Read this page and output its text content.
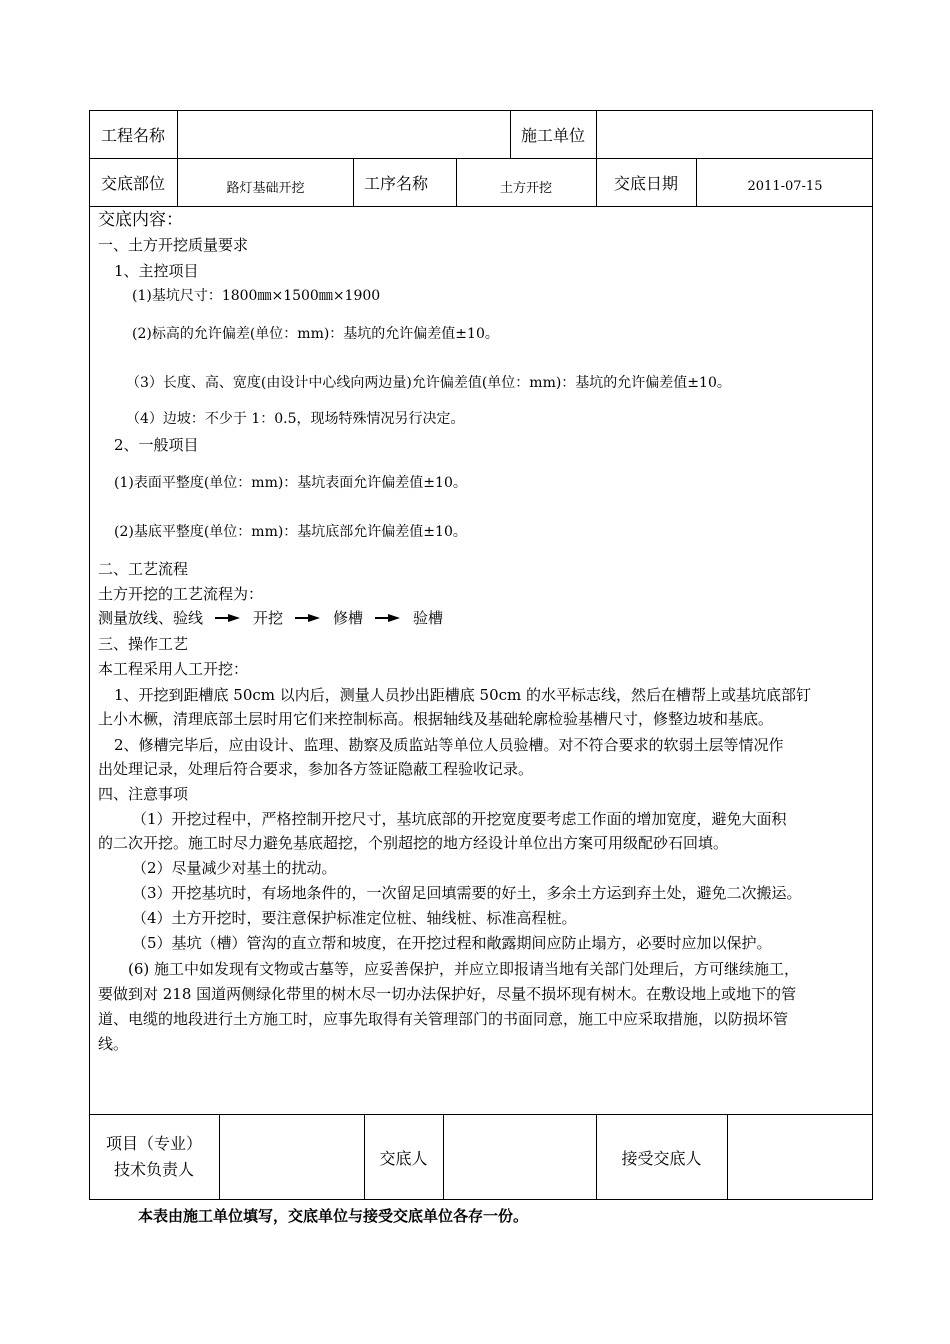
工程名称	施工单位
交底部位	路灯基础开挖	工序名称	土方开挖	交底日期	2011-07-15
交底内容：
一、土方开挖质量要求
1、主控项目
(1)基坑尺寸：1800㎜×1500㎜×1900
(2)标高的允许偏差(单位：mm)：基坑的允许偏差值±10。
（3）长度、高、宽度(由设计中心线向两边量)允许偏差值(单位：mm)：基坑的允许偏差值±10。
（4）边坡：不少于 1：0.5，现场特殊情况另行决定。
2、一般项目
(1)表面平整度(单位：mm)：基坑表面允许偏差值±10。
(2)基底平整度(单位：mm)：基坑底部允许偏差值±10。
二、工艺流程
土方开挖的工艺流程为：
测量放线、验线	开挖	修槽	验槽
三、操作工艺
本工程采用人工开挖：
1、开挖到距槽底 50cm 以内后，测量人员抄出距槽底 50cm 的水平标志线，然后在槽帮上或基坑底部钉
上小木橛，清理底部土层时用它们来控制标高。根据轴线及基础轮廓检验基槽尺寸，修整边坡和基底。
2、修槽完毕后，应由设计、监理、勘察及质监站等单位人员验槽。对不符合要求的软弱土层等情况作
出处理记录，处理后符合要求，参加各方签证隐蔽工程验收记录。
四、注意事项
（1）开挖过程中，严格控制开挖尺寸，基坑底部的开挖宽度要考虑工作面的增加宽度，避免大面积
的二次开挖。施工时尽力避免基底超挖，个别超挖的地方经设计单位出方案可用级配砂石回填。
（2）尽量减少对基土的扰动。
（3）开挖基坑时，有场地条件的，一次留足回填需要的好土，多余土方运到弃土处，避免二次搬运。
（4）土方开挖时，要注意保护标准定位桩、轴线桩、标准高程桩。
（5）基坑（槽）管沟的直立帮和坡度，在开挖过程和敞露期间应防止塌方，必要时应加以保护。
(6) 施工中如发现有文物或古墓等，应妥善保护，并应立即报请当地有关部门处理后，方可继续施工，
要做到对 218 国道两侧绿化带里的树木尽一切办法保护好，尽量不损坏现有树木。在敷设地上或地下的管
道、电缆的地段进行土方施工时，应事先取得有关管理部门的书面同意，施工中应采取措施，以防损坏管
线。
项目（专业）
技术负责人
交底人	接受交底人
本表由施工单位填写，交底单位与接受交底单位各存一份。
